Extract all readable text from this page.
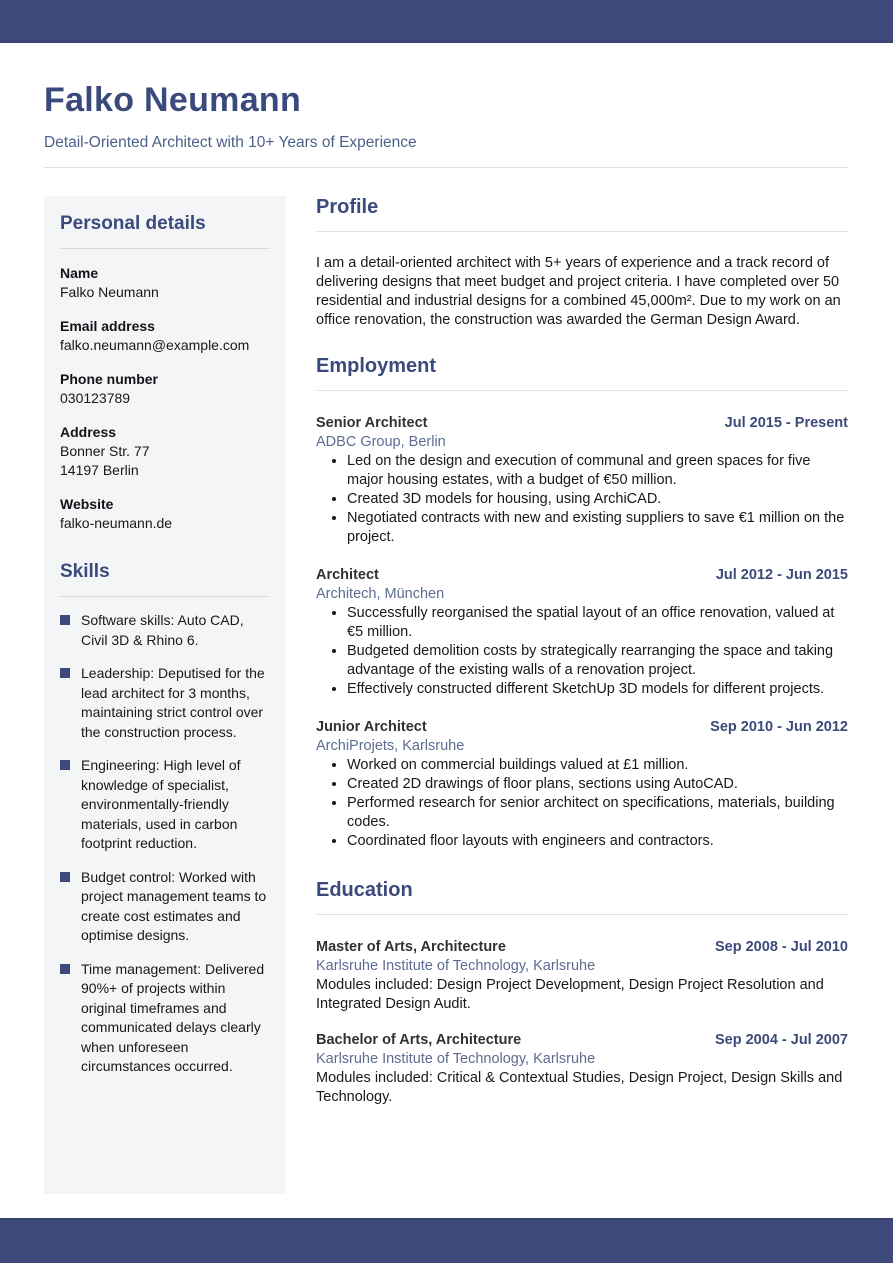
Falko Neumann
Detail-Oriented Architect with 10+ Years of Experience
Personal details
Name
Falko Neumann
Email address
falko.neumann@example.com
Phone number
030123789
Address
Bonner Str. 77
14197 Berlin
Website
falko-neumann.de
Skills
Software skills: Auto CAD, Civil 3D & Rhino 6.
Leadership: Deputised for the lead architect for 3 months, maintaining strict control over the construction process.
Engineering: High level of knowledge of specialist, environmentally-friendly materials, used in carbon footprint reduction.
Budget control: Worked with project management teams to create cost estimates and optimise designs.
Time management: Delivered 90%+ of projects within original timeframes and communicated delays clearly when unforeseen circumstances occurred.
Profile

I am a detail-oriented architect with 5+ years of experience and a track record of delivering designs that meet budget and project criteria. I have completed over 50 residential and industrial designs for a combined 45,000m². Due to my work on an office renovation, the construction was awarded the German Design Award.

Employment
Senior Architect	Jul 2015 - Present
ADBC Group, Berlin
• Led on the design and execution of communal and green spaces for five major housing estates, with a budget of €50 million.
• Created 3D models for housing, using ArchiCAD.
• Negotiated contracts with new and existing suppliers to save €1 million on the project.
Architect	Jul 2012 - Jun 2015
Architech, München
• Successfully reorganised the spatial layout of an office renovation, valued at €5 million.
• Budgeted demolition costs by strategically rearranging the space and taking advantage of the existing walls of a renovation project.
• Effectively constructed different SketchUp 3D models for different projects.
Junior Architect	Sep 2010 - Jun 2012
ArchiProjets, Karlsruhe
• Worked on commercial buildings valued at £1 million.
• Created 2D drawings of floor plans, sections using AutoCAD.
• Performed research for senior architect on specifications, materials, building codes.
• Coordinated floor layouts with engineers and contractors.
Education
Master of Arts, Architecture	Sep 2008 - Jul 2010
Karlsruhe Institute of Technology, Karlsruhe
Modules included: Design Project Development, Design Project Resolution and Integrated Design Audit.
Bachelor of Arts, Architecture	Sep 2004 - Jul 2007
Karlsruhe Institute of Technology, Karlsruhe
Modules included: Critical & Contextual Studies, Design Project, Design Skills and Technology.
